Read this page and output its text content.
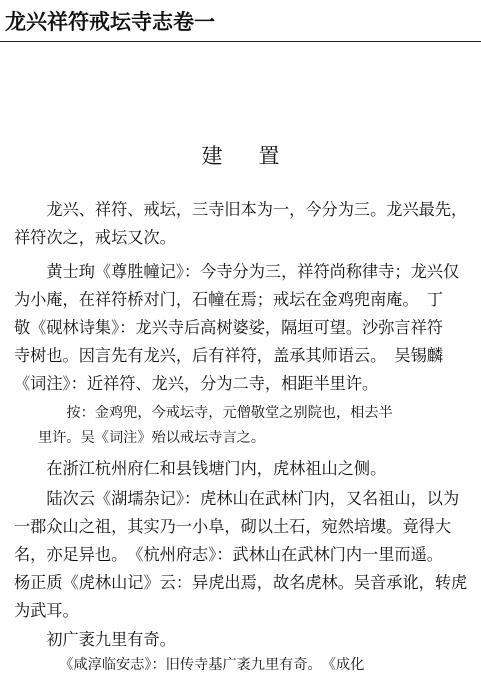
龙兴祥符戒坛寺志卷一
建置
　　龙兴、祥符、戒坛，三寺旧本为一，今分为三。龙兴最先，
祥符次之，戒坛又次。
　　黄士珣《尊胜幢记》：今寺分为三，祥符尚称律寺；龙兴仅
为小庵，在祥符桥对门，石幢在焉；戒坛在金鸡兜南庵。　丁
敬《砚林诗集》：龙兴寺后高树婆娑，隔垣可望。沙弥言祥符
寺树也。因言先有龙兴，后有祥符，盖承其师语云。　吴锡麟
《词注》：近祥符、龙兴，分为二寺，相距半里许。
　　按：金鸡兜，今戒坛寺，元僧敬堂之别院也，相去半
里许。吴《词注》殆以戒坛寺言之。
　　在浙江杭州府仁和县钱塘门内，虎林祖山之侧。
　　陆次云《湖壖杂记》：虎林山在武林门内，又名祖山，以为
一郡众山之祖，其实乃一小阜，砌以土石，宛然培塿。竟得大
名，亦足异也。　《杭州府志》：武林山在武林门内一里而遥。
杨正质《虎林山记》云：异虎出焉，故名虎林。吴音承讹，转虎
为武耳。
　　初广袤九里有奇。
　　《咸淳临安志》：旧传寺基广袤九里有奇。　《成化
